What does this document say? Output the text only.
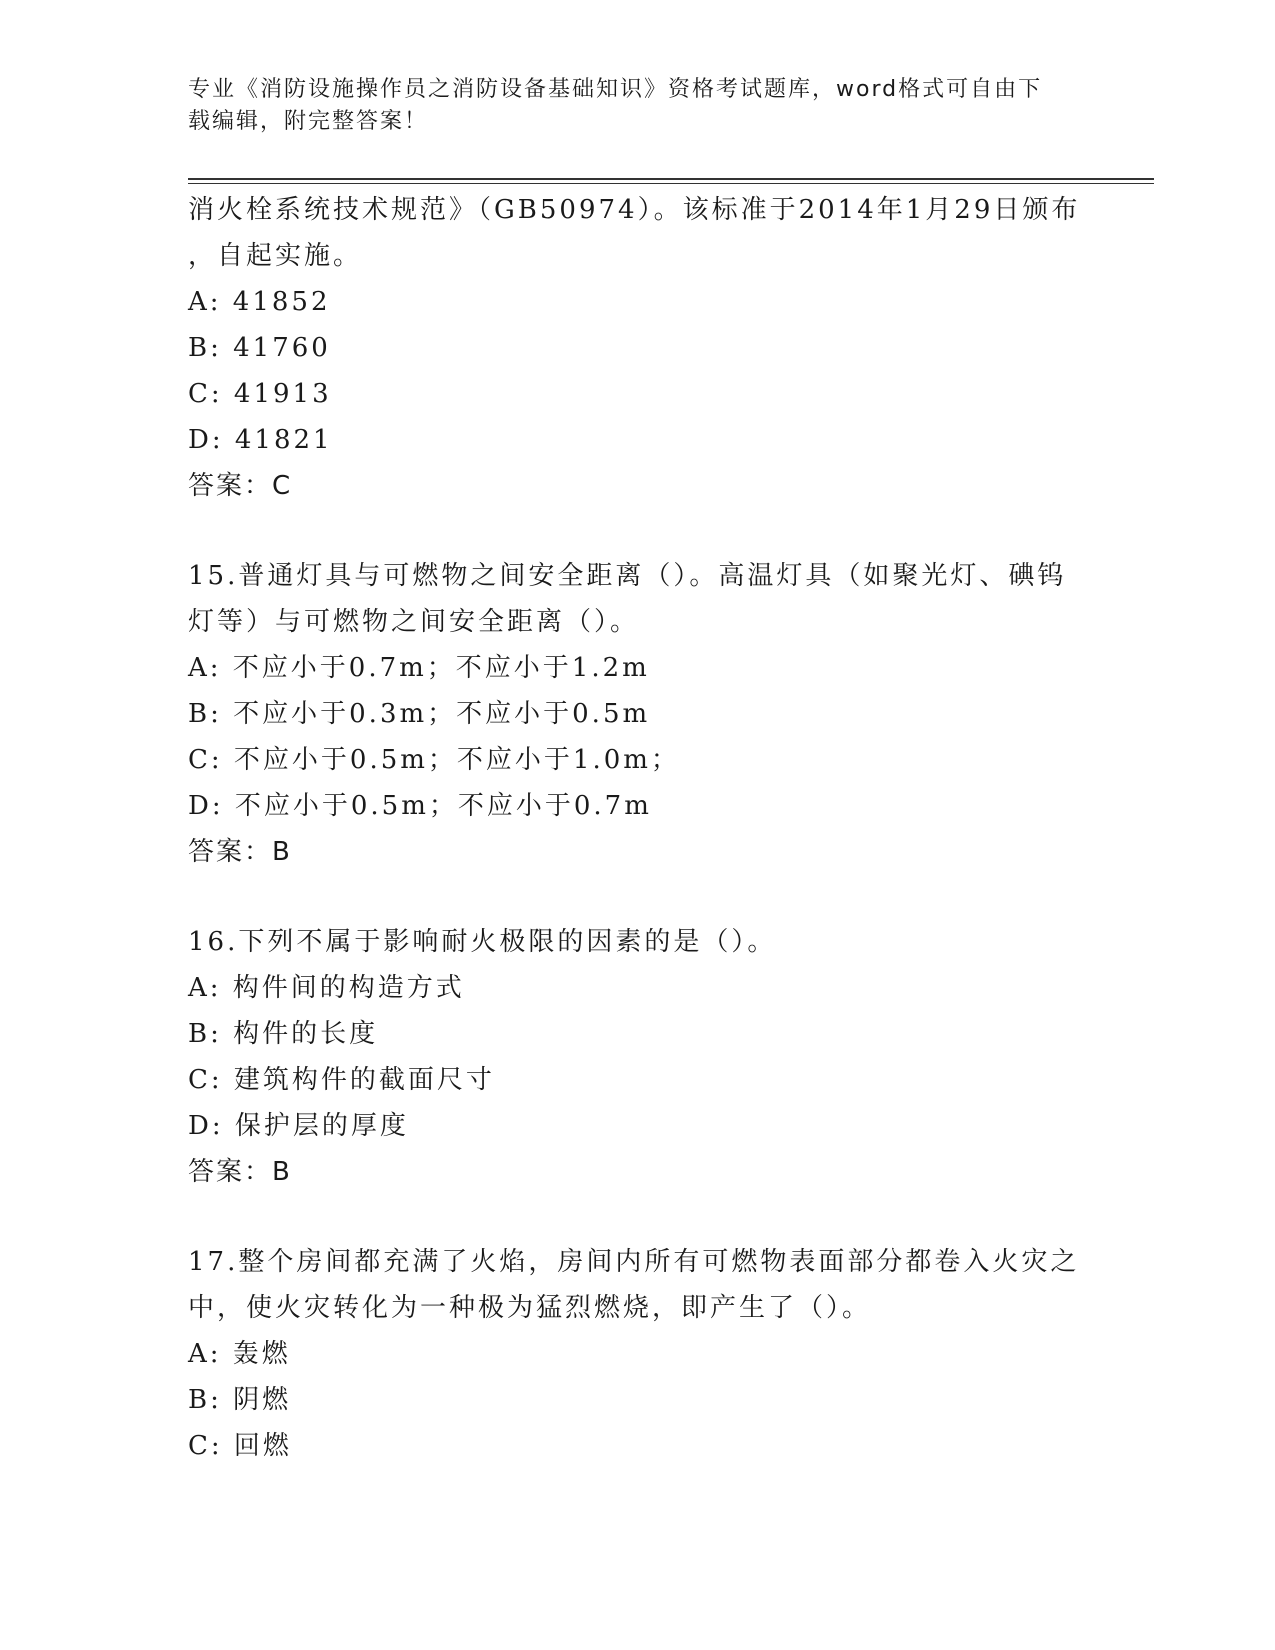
专业《消防设施操作员之消防设备基础知识》资格考试题库，word格式可自由下
载编辑，附完整答案！
消火栓系统技术规范》（GB50974）。该标准于2014年1月29日颁布
，自起实施。
A: 41852
B: 41760
C: 41913
D: 41821
答案：C
15.普通灯具与可燃物之间安全距离（）。高温灯具（如聚光灯、碘钨
灯等）与可燃物之间安全距离（）。
A: 不应小于0.7m；不应小于1.2m
B: 不应小于0.3m；不应小于0.5m
C: 不应小于0.5m；不应小于1.0m；
D: 不应小于0.5m；不应小于0.7m
答案：B
16.下列不属于影响耐火极限的因素的是（）。
A: 构件间的构造方式
B: 构件的长度
C: 建筑构件的截面尺寸
D: 保护层的厚度
答案：B
17.整个房间都充满了火焰，房间内所有可燃物表面部分都卷入火灾之
中，使火灾转化为一种极为猛烈燃烧，即产生了（）。
A: 轰燃
B: 阴燃
C: 回燃
